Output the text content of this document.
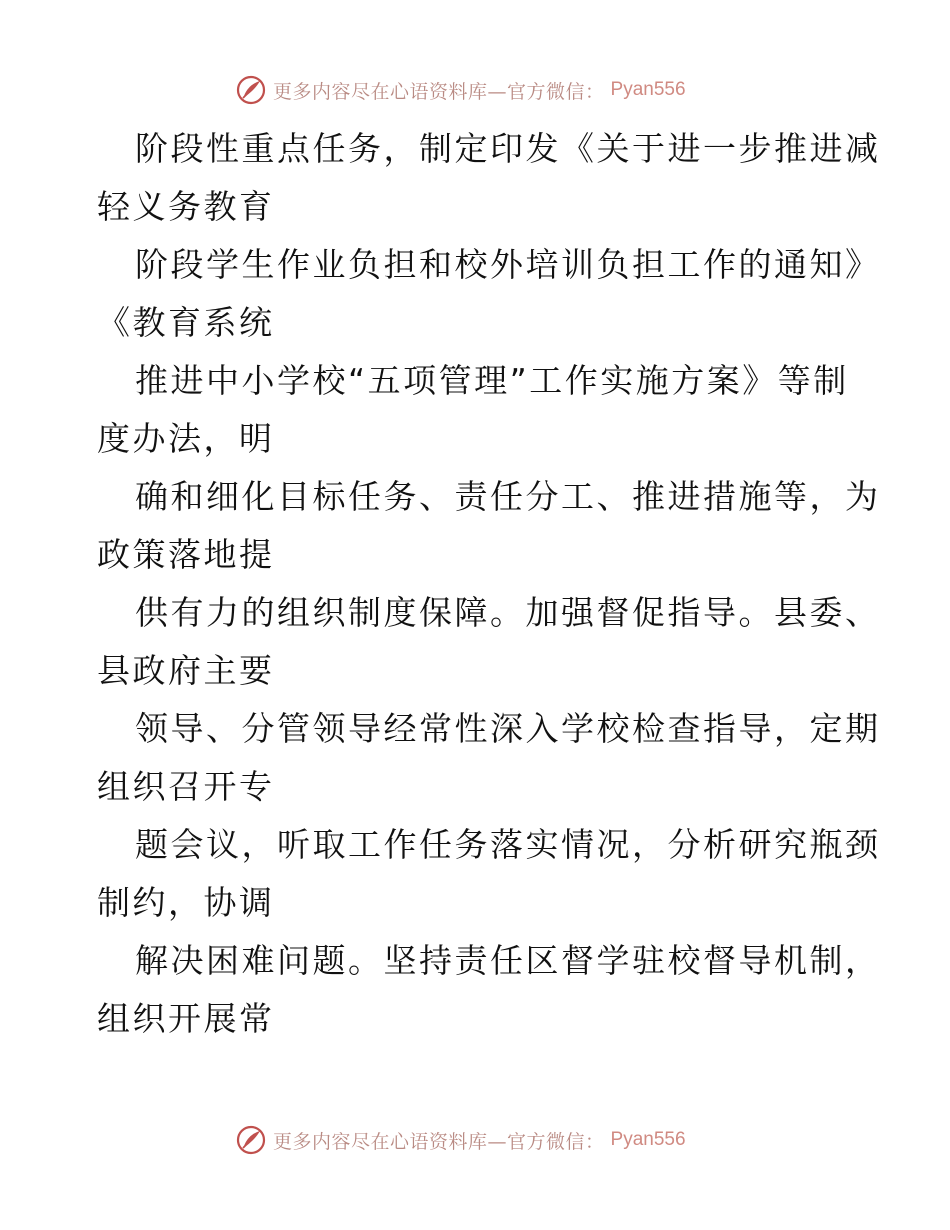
更多内容尽在心语资料库—官方微信： Pyan556
阶段性重点任务，制定印发《关于进一步推进减
轻义务教育
阶段学生作业负担和校外培训负担工作的通知》
《教育系统
推进中小学校“五项管理”工作实施方案》等制
度办法，明
确和细化目标任务、责任分工、推进措施等，为
政策落地提
供有力的组织制度保障。加强督促指导。县委、
县政府主要
领导、分管领导经常性深入学校检查指导，定期
组织召开专
题会议，听取工作任务落实情况，分析研究瓶颈
制约，协调
解决困难问题。坚持责任区督学驻校督导机制，
组织开展常
更多内容尽在心语资料库—官方微信： Pyan556
